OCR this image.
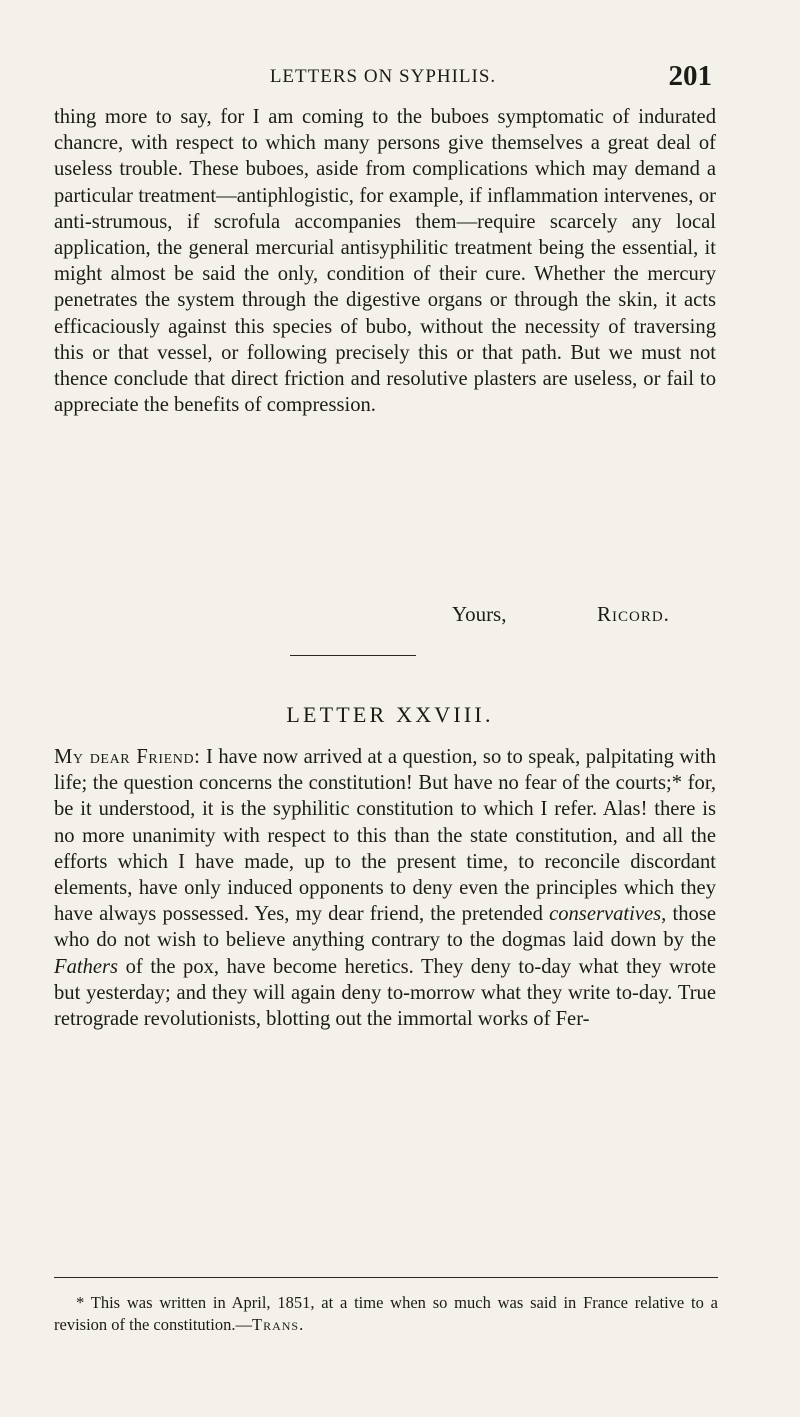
LETTERS ON SYPHILIS.	201
thing more to say, for I am coming to the buboes symptomatic of indurated chancre, with respect to which many persons give themselves a great deal of useless trouble. These buboes, aside from complications which may demand a particular treatment—antiphlogistic, for example, if inflammation intervenes, or anti-strumous, if scrofula accompanies them—require scarcely any local application, the general mercurial antisyphilitic treatment being the essential, it might almost be said the only, condition of their cure. Whether the mercury penetrates the system through the digestive organs or through the skin, it acts efficaciously against this species of bubo, without the necessity of traversing this or that vessel, or following precisely this or that path. But we must not thence conclude that direct friction and resolutive plasters are useless, or fail to appreciate the benefits of compression.
Yours,	Ricord.
LETTER XXVIII.
My dear Friend: I have now arrived at a question, so to speak, palpitating with life; the question concerns the constitution! But have no fear of the courts;* for, be it understood, it is the syphilitic constitution to which I refer. Alas! there is no more unanimity with respect to this than the state constitution, and all the efforts which I have made, up to the present time, to reconcile discordant elements, have only induced opponents to deny even the principles which they have always possessed. Yes, my dear friend, the pretended conservatives, those who do not wish to believe anything contrary to the dogmas laid down by the Fathers of the pox, have become heretics. They deny to-day what they wrote but yesterday; and they will again deny to-morrow what they write to-day. True retrograde revolutionists, blotting out the immortal works of Fer-
* This was written in April, 1851, at a time when so much was said in France relative to a revision of the constitution.—Trans.
